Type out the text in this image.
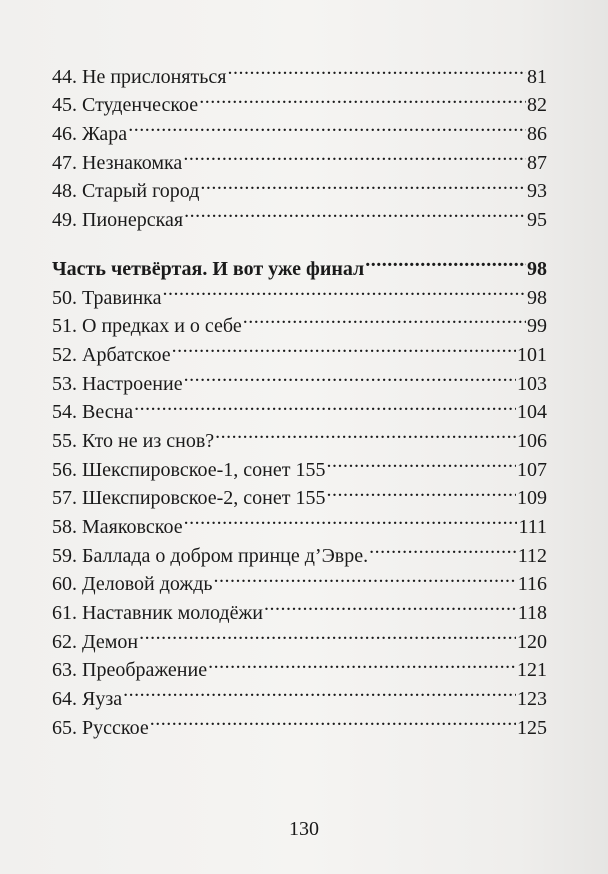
44. Не прислоняться .....	81
45. Студенческое .....	82
46. Жара .....	86
47. Незнакомка .....	87
48. Старый город .....	93
49. Пионерская .....	95
Часть четвёртая. И вот уже финал .....	98
50. Травинка .....	98
51. О предках и о себе .....	99
52. Арбатское .....	101
53. Настроение .....	103
54. Весна .....	104
55. Кто не из снов? .....	106
56. Шекспировское-1, сонет 155 .....	107
57. Шекспировское-2, сонет 155 .....	109
58. Маяковское .....	111
59. Баллада о добром принце д’Эвре. .....	112
60. Деловой дождь .....	116
61. Наставник молодёжи .....	118
62. Демон .....	120
63. Преображение .....	121
64. Яуза .....	123
65. Русское .....	125
130
